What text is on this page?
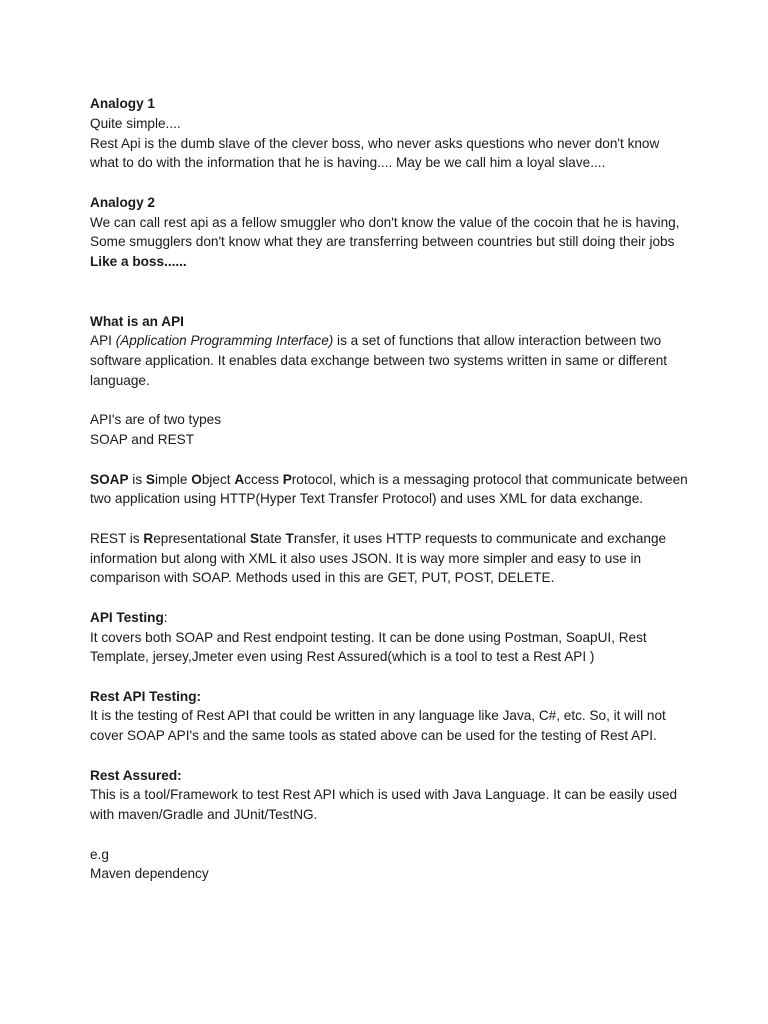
Analogy 1

Quite simple....

Rest Api is the dumb slave of the clever boss, who never asks questions who never don't know what to do with the information that he is having.... May be we call him a loyal slave....

Analogy 2

We can call rest api as a fellow smuggler who don't know the value of the cocoin that he is having, Some smugglers don't know what they are transferring between countries but still doing their jobs Like a boss......

What is an API

API (Application Programming Interface) is a set of functions that allow interaction between two software application. It enables data exchange between two systems written in same or different language.

API's are of two types

SOAP and REST

SOAP is Simple Object Access Protocol, which is a messaging protocol that communicate between two application using HTTP(Hyper Text Transfer Protocol) and uses XML for data exchange.

REST is Representational State Transfer, it uses HTTP requests to communicate and exchange information but along with XML it also uses JSON. It is way more simpler and easy to use in comparison with SOAP. Methods used in this are GET, PUT, POST, DELETE.

API Testing:

It covers both SOAP and Rest endpoint testing. It can be done using Postman, SoapUI, Rest Template, jersey,Jmeter even using Rest Assured(which is a tool to test a Rest API )

Rest API Testing:

It is the testing of Rest API that could be written in any language like Java, C#, etc. So, it will not cover SOAP API's and the same tools as stated above can be used for the testing of Rest API.

Rest Assured:

This is a tool/Framework to test Rest API which is used with Java Language. It can be easily used with maven/Gradle and JUnit/TestNG.

e.g

Maven dependency
